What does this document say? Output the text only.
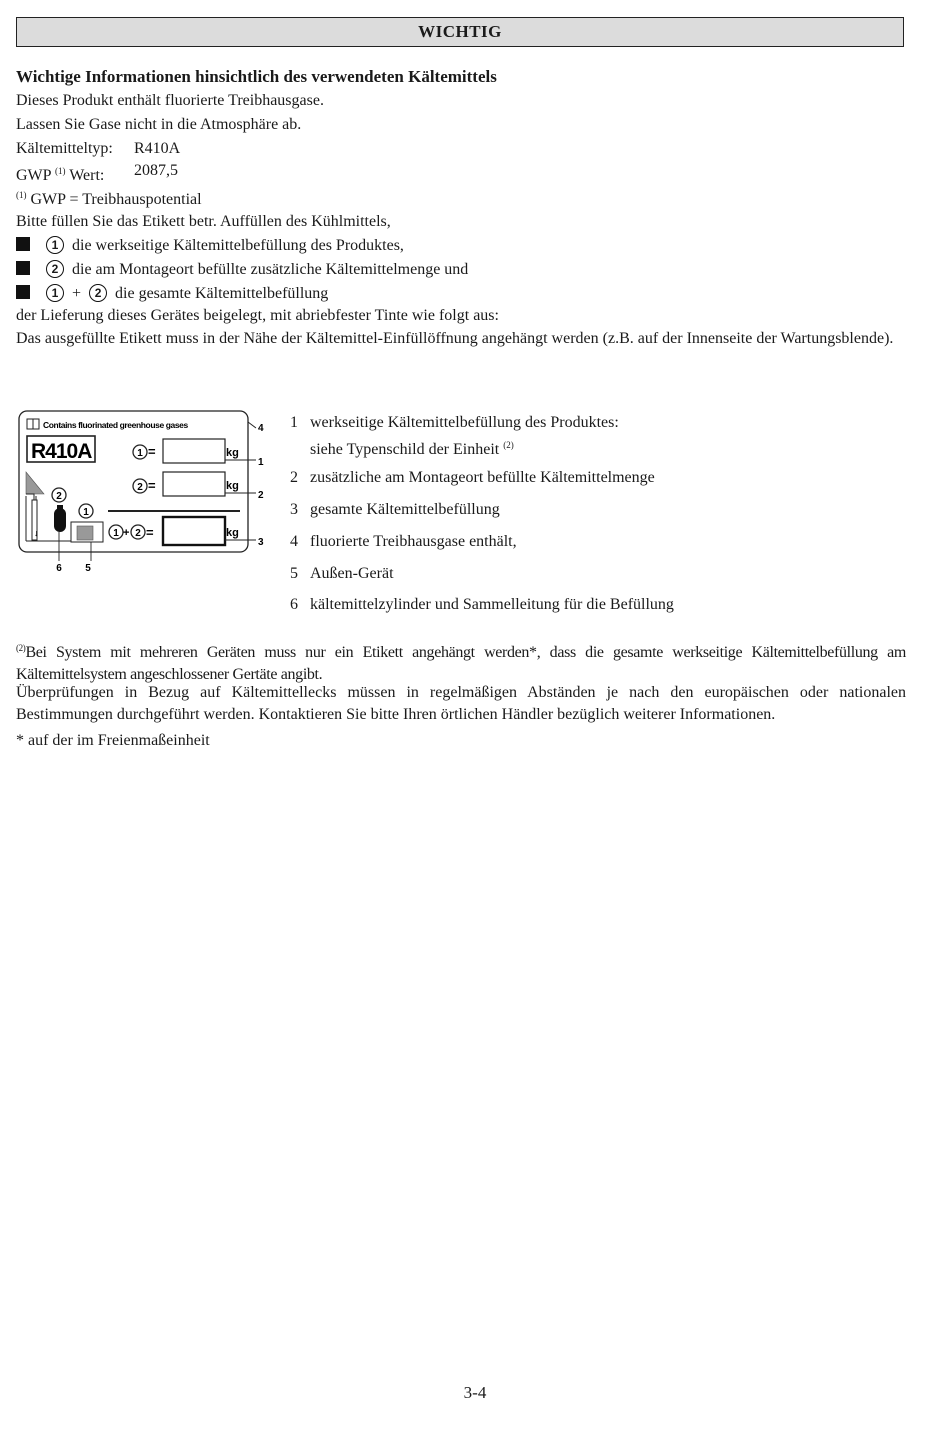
WICHTIG
Wichtige Informationen hinsichtlich des verwendeten Kältemittels
Dieses Produkt enthält fluorierte Treibhausgase.
Lassen Sie Gase nicht in die Atmosphäre ab.
Kältemitteltyp: R410A
GWP $^{(1)}$ Wert: 2087,5
$^{(1)}$ GWP = Treibhauspotential
Bitte füllen Sie das Etikett betr. Auffüllen des Kühlmittels,
1 die werkseitige Kältemittelbefüllung des Produktes,
2 die am Montageort befüllte zusätzliche Kältemittelmenge und
1 + 2 die gesamte Kältemittelbefüllung
der Lieferung dieses Gerätes beigelegt, mit abriebfester Tinte wie folgt aus:
Das ausgefüllte Etikett muss in der Nähe der Kältemittel-Einfüllöffnung angehängt werden (z.B. auf der Innenseite der Wartungsblende).
Contains fluorinated greenhouse gases
R410A	1 =	kg
2 =	kg
1 + 2 =	kg
↓
2
1
6 5
4
1
2
3
1 werkseitige Kältemittelbefüllung des Produktes:
siehe Typenschild der Einheit $^{(2)}$
2 zusätzliche am Montageort befüllte Kältemittelmenge
3 gesamte Kältemittelbefüllung
4 fluorierte Treibhausgase enthält,
5 Außen-Gerät
6 kältemittelzylinder und Sammelleitung für die Befüllung
$^{(2)}$Bei System mit mehreren Geräten muss nur ein Etikett angehängt werden*, dass die gesamte werkseitige Kältemittelbefüllung am Kältemittelsystem angeschlossener Gertäte angibt.
Überprüfungen in Bezug auf Kältemittellecks müssen in regelmäßigen Abständen je nach den europäischen oder nationalen Bestimmungen durchgeführt werden. Kontaktieren Sie bitte Ihren örtlichen Händler bezüglich weiterer Informationen.
* auf der im Freienmaßeinheit
3-4
